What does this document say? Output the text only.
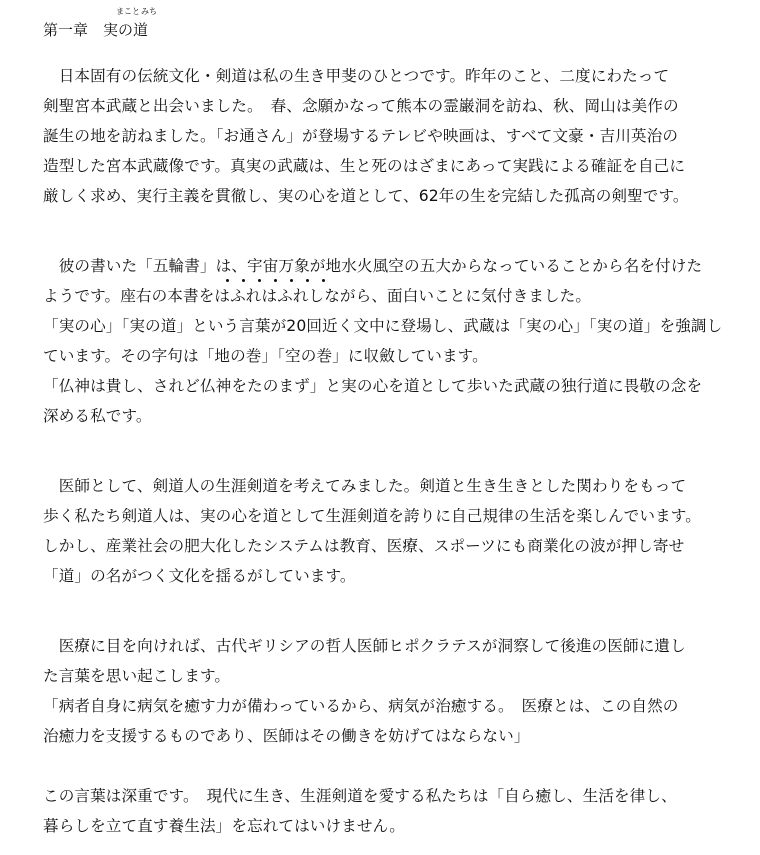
まこと みち
第一章 実の道
　日本固有の伝統文化・剣道は私の生き甲斐のひとつです。昨年のこと、二度にわたって
剣聖宮本武蔵と出会いました。　春、念願かなって熊本の霊巌洞を訪ね、秋、岡山は美作の
誕生の地を訪ねました。「お通さん」が登場するテレビや映画は、すべて文豪・吉川英治の
造型した宮本武蔵像です。真実の武蔵は、生と死のはざまにあって実践による確証を自己に
厳しく求め、実行主義を貫徹し、実の心を道として、62年の生を完結した孤高の剣聖です。
　彼の書いた「五輪書」は、宇宙万象が地水火風空の五大からなっていることから名を付けた
ようです。座右の本書をはふれはふれしながら、面白いことに気付きました。
「実の心」「実の道」という言葉が20回近く文中に登場し、武蔵は「実の心」「実の道」を強調し
ています。その字句は「地の巻」「空の巻」に収斂しています。
「仏神は貴し、されど仏神をたのまず」と実の心を道として歩いた武蔵の独行道に畏敬の念を
深める私です。
　医師として、剣道人の生涯剣道を考えてみました。剣道と生き生きとした関わりをもって
歩く私たち剣道人は、実の心を道として生涯剣道を誇りに自己規律の生活を楽しんでいます。
しかし、産業社会の肥大化したシステムは教育、医療、スポーツにも商業化の波が押し寄せ
「道」の名がつく文化を揺るがしています。
　医療に目を向ければ、古代ギリシアの哲人医師ヒポクラテスが洞察して後進の医師に遺し
た言葉を思い起こします。
「病者自身に病気を癒す力が備わっているから、病気が治癒する。　医療とは、この自然の
治癒力を支援するものであり、医師はその働きを妨げてはならない」
この言葉は深重です。　現代に生き、生涯剣道を愛する私たちは「自ら癒し、生活を律し、
暮らしを立て直す養生法」を忘れてはいけません。
